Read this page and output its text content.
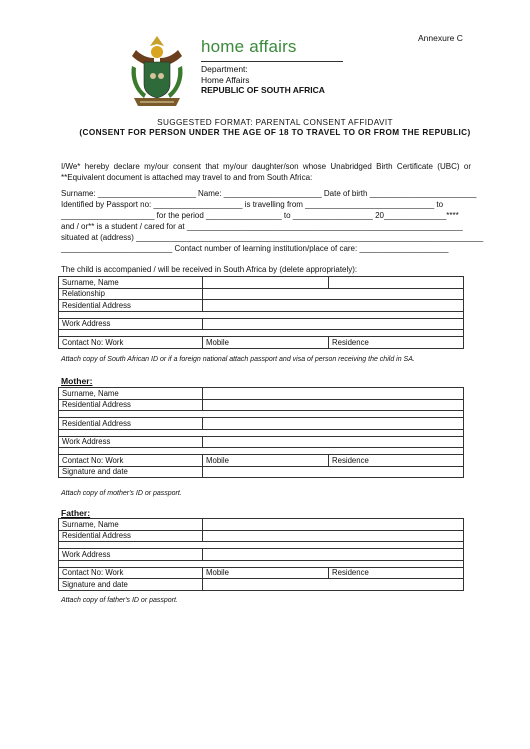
Annexure C
home affairs
Department:
Home Affairs
REPUBLIC OF SOUTH AFRICA
SUGGESTED FORMAT: PARENTAL CONSENT AFFIDAVIT
(CONSENT FOR PERSON UNDER THE AGE OF 18 TO TRAVEL TO OR FROM THE REPUBLIC)
I/We* hereby declare my/our consent that my/our daughter/son whose Unabridged Birth Certificate (UBC) or **Equivalent document is attached may travel to and from South Africa:
Surname: ______________________ Name: ______________________ Date of birth ________________________
Identified by Passport no: ____________________ is travelling from _____________________________ to
_____________________ for the period _________________ to __________________ 20______________****
and / or** is a student / cared for at ______________________________________________________________
situated at (address) ______________________________________________________________________________
_________________________ Contact number of learning institution/place of care: ____________________
The child is accompanied / will be received in South Africa by (delete appropriately):
Surname, Name		
Relationship		
Residential Address		

Work Address		

Contact No: Work	Mobile	Residence
Attach copy of South African ID or if a foreign national attach passport and visa of person receiving the child in SA.
Mother:
Surname, Name		
Residential Address		

Residential Address		

Work Address		

Contact No: Work	Mobile	Residence
Signature and date		
Attach copy of mother's ID or passport.
Father:
Surname, Name		
Residential Address		

Work Address		

Contact No: Work	Mobile	Residence
Signature and date		
Attach copy of father's ID or passport.
